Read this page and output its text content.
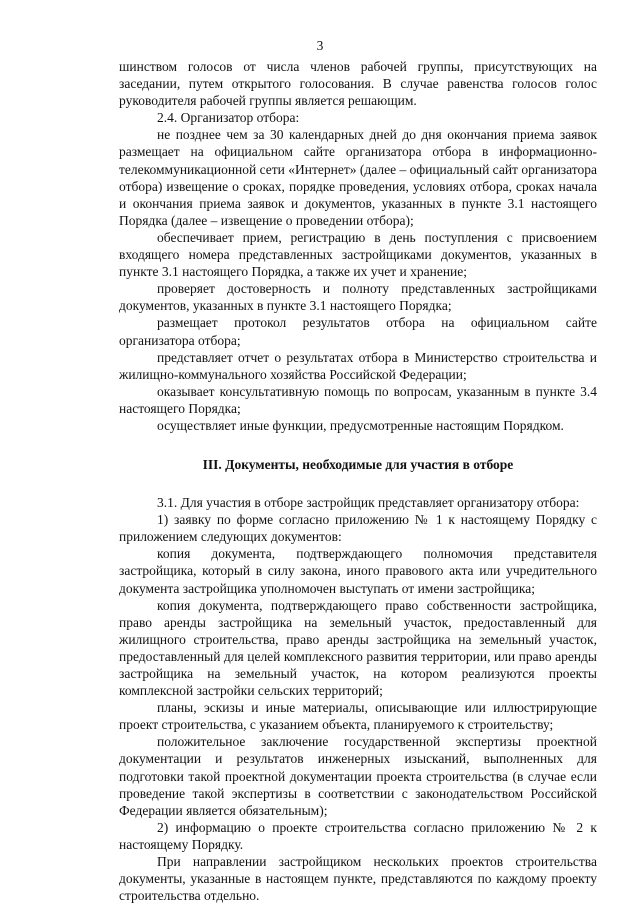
3

шинством голосов от числа членов рабочей группы, присутствующих на заседании, путем открытого голосования. В случае равенства голосов голос руководителя рабочей группы является решающим.

2.4. Организатор отбора:

не позднее чем за 30 календарных дней до дня окончания приема заявок размещает на официальном сайте организатора отбора в информационно-телекоммуникационной сети «Интернет» (далее – официальный сайт организатора отбора) извещение о сроках, порядке проведения, условиях отбора, сроках начала и окончания приема заявок и документов, указанных в пункте 3.1 настоящего Порядка (далее – извещение о проведении отбора);

обеспечивает прием, регистрацию в день поступления с присвоением входящего номера представленных застройщиками документов, указанных в пункте 3.1 настоящего Порядка, а также их учет и хранение;

проверяет достоверность и полноту представленных застройщиками документов, указанных в пункте 3.1 настоящего Порядка;

размещает протокол результатов отбора на официальном сайте организатора отбора;

представляет отчет о результатах отбора в Министерство строительства и жилищно-коммунального хозяйства Российской Федерации;

оказывает консультативную помощь по вопросам, указанным в пункте 3.4 настоящего Порядка;

осуществляет иные функции, предусмотренные настоящим Порядком.

III. Документы, необходимые для участия в отборе

3.1. Для участия в отборе застройщик представляет организатору отбора:

1) заявку по форме согласно приложению № 1 к настоящему Порядку с приложением следующих документов:

копия документа, подтверждающего полномочия представителя застройщика, который в силу закона, иного правового акта или учредительного документа застройщика уполномочен выступать от имени застройщика;

копия документа, подтверждающего право собственности застройщика, право аренды застройщика на земельный участок, предоставленный для жилищного строительства, право аренды застройщика на земельный участок, предоставленный для целей комплексного развития территории, или право аренды застройщика на земельный участок, на котором реализуются проекты комплексной застройки сельских территорий;

планы, эскизы и иные материалы, описывающие или иллюстрирующие проект строительства, с указанием объекта, планируемого к строительству;

положительное заключение государственной экспертизы проектной документации и результатов инженерных изысканий, выполненных для подготовки такой проектной документации проекта строительства (в случае если проведение такой экспертизы в соответствии с законодательством Российской Федерации является обязательным);

2) информацию о проекте строительства согласно приложению № 2 к настоящему Порядку.

При направлении застройщиком нескольких проектов строительства документы, указанные в настоящем пункте, представляются по каждому проекту строительства отдельно.
